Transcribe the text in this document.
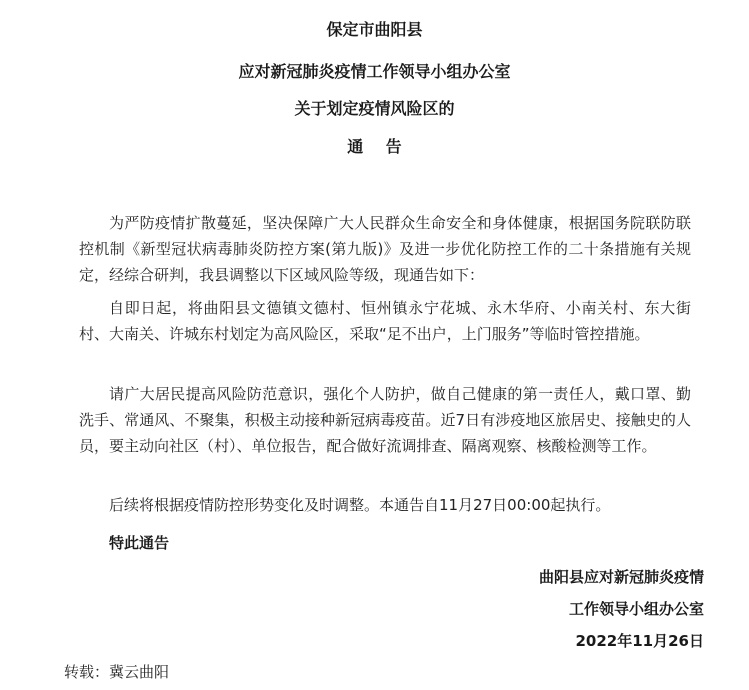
保定市曲阳县
应对新冠肺炎疫情工作领导小组办公室
关于划定疫情风险区的
通告
为严防疫情扩散蔓延，坚决保障广大人民群众生命安全和身体健康，根据国务院联防联控机制《新型冠状病毒肺炎防控方案(第九版)》及进一步优化防控工作的二十条措施有关规定，经综合研判，我县调整以下区域风险等级，现通告如下：
自即日起，将曲阳县文德镇文德村、恒州镇永宁花城、永木华府、小南关村、东大街村、大南关、许城东村划定为高风险区，采取“足不出户，上门服务”等临时管控措施。
请广大居民提高风险防范意识，强化个人防护，做自己健康的第一责任人，戴口罩、勤洗手、常通风、不聚集，积极主动接种新冠病毒疫苗。近7日有涉疫地区旅居史、接触史的人员，要主动向社区（村）、单位报告，配合做好流调排查、隔离观察、核酸检测等工作。
后续将根据疫情防控形势变化及时调整。本通告自11月27日00:00起执行。
特此通告
曲阳县应对新冠肺炎疫情
工作领导小组办公室
2022年11月26日
转载：冀云曲阳
